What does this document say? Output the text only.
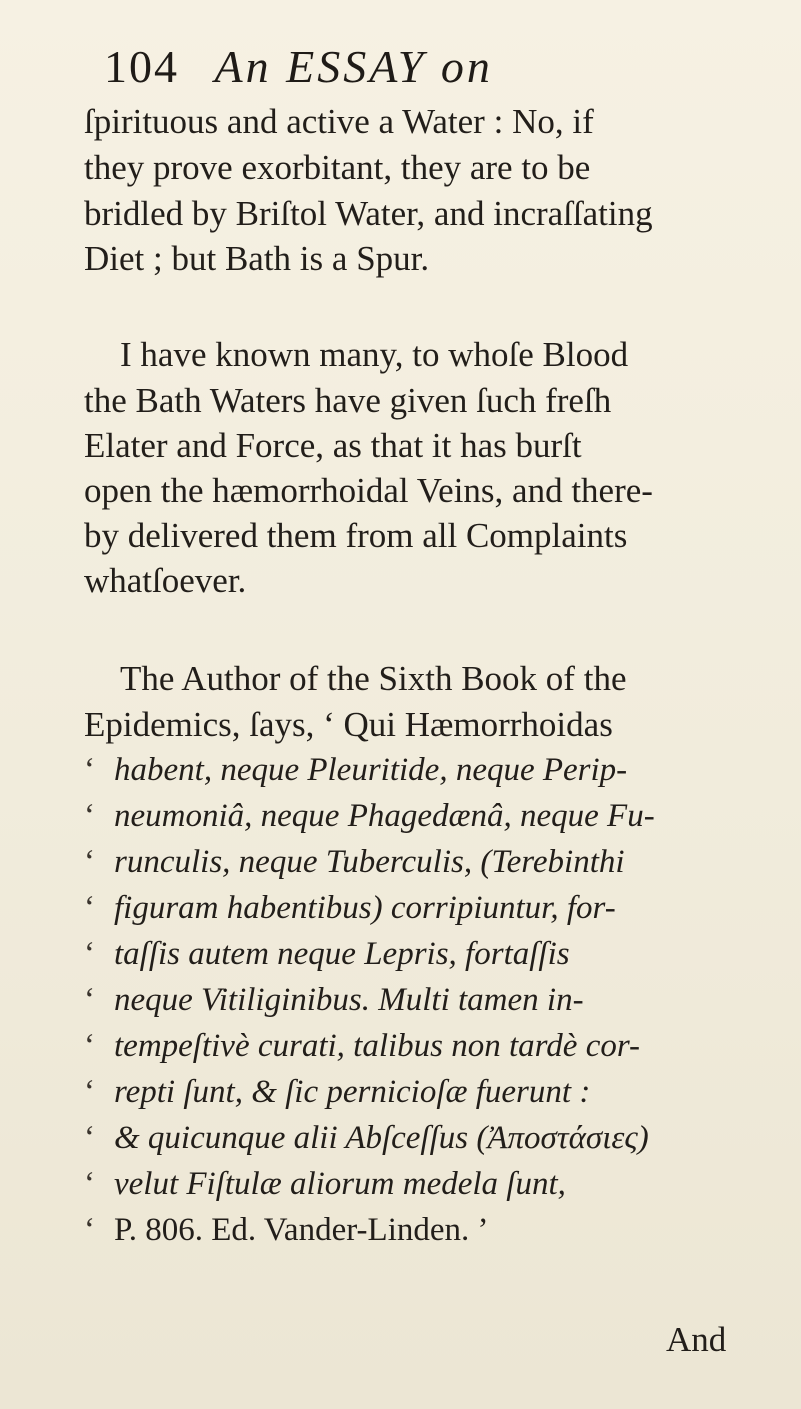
104 An ESSAY on
ſpirituous and active a Water : No, if
they prove exorbitant, they are to be
bridled by Briſtol Water, and incraſſating
Diet ; but Bath is a Spur.
I have known many, to whoſe Blood
the Bath Waters have given ſuch freſh
Elater and Force, as that it has burſt
open the hæmorrhoidal Veins, and there-
by delivered them from all Complaints
whatſoever.
The Author of the Sixth Book of the
Epidemics, ſays, ‘ Qui Hæmorrhoidas
‘ habent, neque Pleuritide, neque Perip-
‘ neumoniâ, neque Phagedænâ, neque Fu-
‘ runculis, neque Tuberculis, (Terebinthi
‘ figuram habentibus) corripiuntur, for-
‘ taſſis autem neque Lepris, fortaſſis
‘ neque Vitiliginibus. Multi tamen in-
‘ tempeſtivè curati, talibus non tardè cor-
‘ repti ſunt, & ſic pernicioſæ fuerunt :
‘ & quicunque alii Abſceſſus (Ἀποστάσιες)
‘ velut Fiſtulæ aliorum medela ſunt,
‘ P. 806. Ed. Vander-Linden. ’
And
